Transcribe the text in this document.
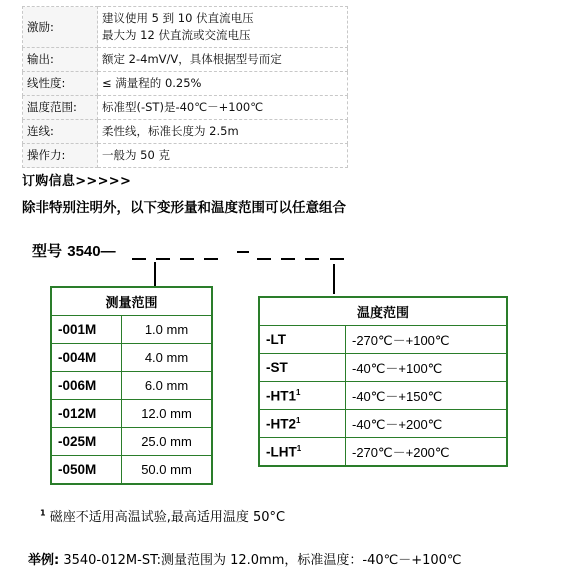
激励:	建议使用 5 到 10 伏直流电压
最大为 12 伏直流或交流电压

输出:	额定 2-4mV/V，具体根据型号而定

线性度:	≤ 满量程的 0.25%

温度范围:	标准型(-ST)是-40℃－+100℃

连线:	柔性线，标准长度为 2.5m

操作力:	一般为 50 克
订购信息>>>>>
除非特别注明外，以下变形量和温度范围可以任意组合
型号 3540—
测量范围	
-001M	1.0 mm
-004M	4.0 mm
-006M	6.0 mm
-012M	12.0 mm
-025M	25.0 mm
-050M	50.0 mm
温度范围	
-LT	-270℃－+100℃
-ST	-40℃－+100℃
$-HT1^1$	-40℃－+150℃
$-HT2^1$	-40℃－+200℃
-LHT$^1$	-270℃－+200℃
$^1$ 磁座不适用高温试验,最高适用温度 50°C
举例: 3540-012M-ST:测量范围为 12.0mm，标准温度：-40℃－+100℃
